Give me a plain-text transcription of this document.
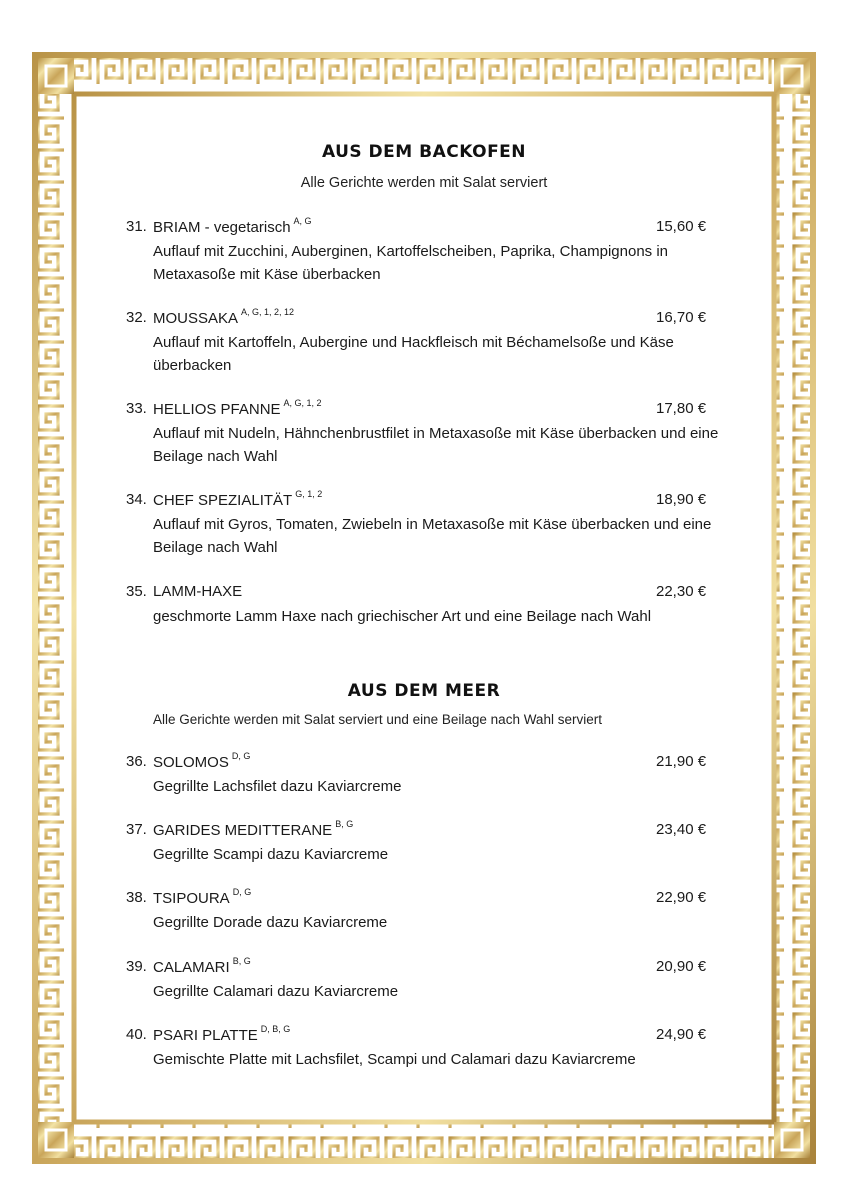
AUS DEM BACKOFEN
Alle Gerichte werden mit Salat serviert
31. BRIAM - vegetarisch $^{A, G}$	15,60 €
Auflauf mit Zucchini, Auberginen, Kartoffelscheiben, Paprika, Champignons in Metaxasoße mit Käse überbacken
32. MOUSSAKA $^{A, G, 1, 2, 12}$	16,70 €
Auflauf mit Kartoffeln, Aubergine und Hackfleisch mit Béchamelsoße und Käse überbacken
33. HELLIOS PFANNE $^{A, G, 1, 2}$	17,80 €
Auflauf mit Nudeln, Hähnchenbrustfilet in Metaxasoße mit Käse überbacken und eine Beilage nach Wahl
34. CHEF SPEZIALITÄT $^{G, 1, 2}$	18,90 €
Auflauf mit Gyros, Tomaten, Zwiebeln in Metaxasoße mit Käse überbacken und eine Beilage nach Wahl
35. LAMM-HAXE	22,30 €
geschmorte Lamm Haxe nach griechischer Art und eine Beilage nach Wahl
AUS DEM MEER
Alle Gerichte werden mit Salat serviert und eine Beilage nach Wahl serviert
36. SOLOMOS $^{D, G}$	21,90 €
Gegrillte Lachsfilet dazu Kaviarcreme
37. GARIDES MEDITTERANE $^{B, G}$	23,40 €
Gegrillte Scampi dazu Kaviarcreme
38. TSIPOURA $^{D, G}$	22,90 €
Gegrillte Dorade dazu Kaviarcreme
39. CALAMARI $^{B, G}$	20,90 €
Gegrillte Calamari dazu Kaviarcreme
40. PSARI PLATTE $^{D, B, G}$	24,90 €
Gemischte Platte mit Lachsfilet, Scampi und Calamari dazu Kaviarcreme
